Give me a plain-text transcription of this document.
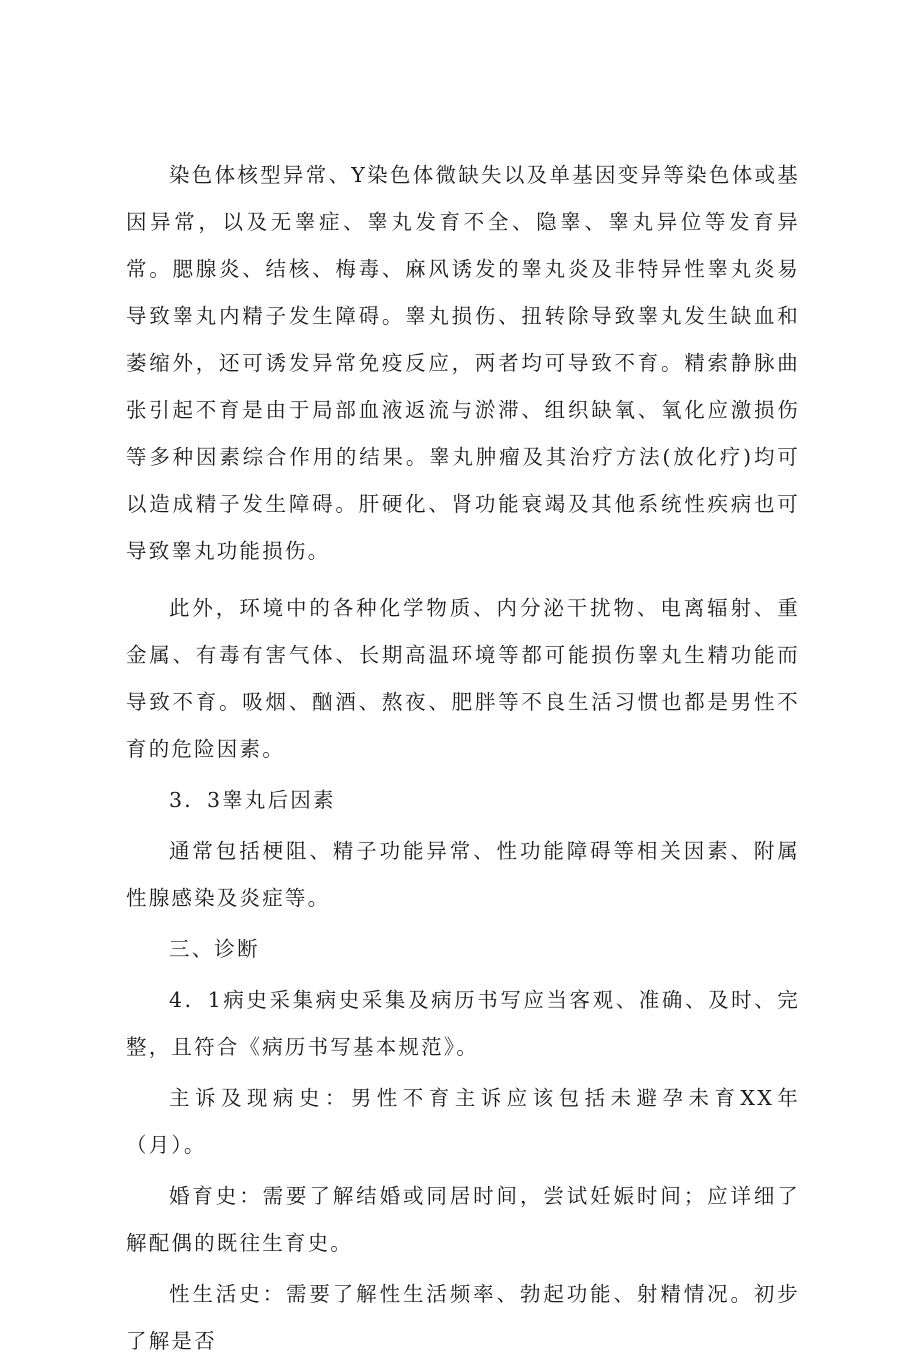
染色体核型异常、Y染色体微缺失以及单基因变异等染色体或基因异常，以及无睾症、睾丸发育不全、隐睾、睾丸异位等发育异常。腮腺炎、结核、梅毒、麻风诱发的睾丸炎及非特异性睾丸炎易导致睾丸内精子发生障碍。睾丸损伤、扭转除导致睾丸发生缺血和萎缩外，还可诱发异常免疫反应，两者均可导致不育。精索静脉曲张引起不育是由于局部血液返流与淤滞、组织缺氧、氧化应激损伤等多种因素综合作用的结果。睾丸肿瘤及其治疗方法(放化疗)均可以造成精子发生障碍。肝硬化、肾功能衰竭及其他系统性疾病也可导致睾丸功能损伤。

此外，环境中的各种化学物质、内分泌干扰物、电离辐射、重金属、有毒有害气体、长期高温环境等都可能损伤睾丸生精功能而导致不育。吸烟、酗酒、熬夜、肥胖等不良生活习惯也都是男性不育的危险因素。

3．3睾丸后因素

通常包括梗阻、精子功能异常、性功能障碍等相关因素、附属性腺感染及炎症等。

三、诊断

4．1病史采集病史采集及病历书写应当客观、准确、及时、完整，且符合《病历书写基本规范》。

主诉及现病史：男性不育主诉应该包括未避孕未育XX年（月）。

婚育史：需要了解结婚或同居时间，尝试妊娠时间；应详细了解配偶的既往生育史。

性生活史：需要了解性生活频率、勃起功能、射精情况。初步了解是否
